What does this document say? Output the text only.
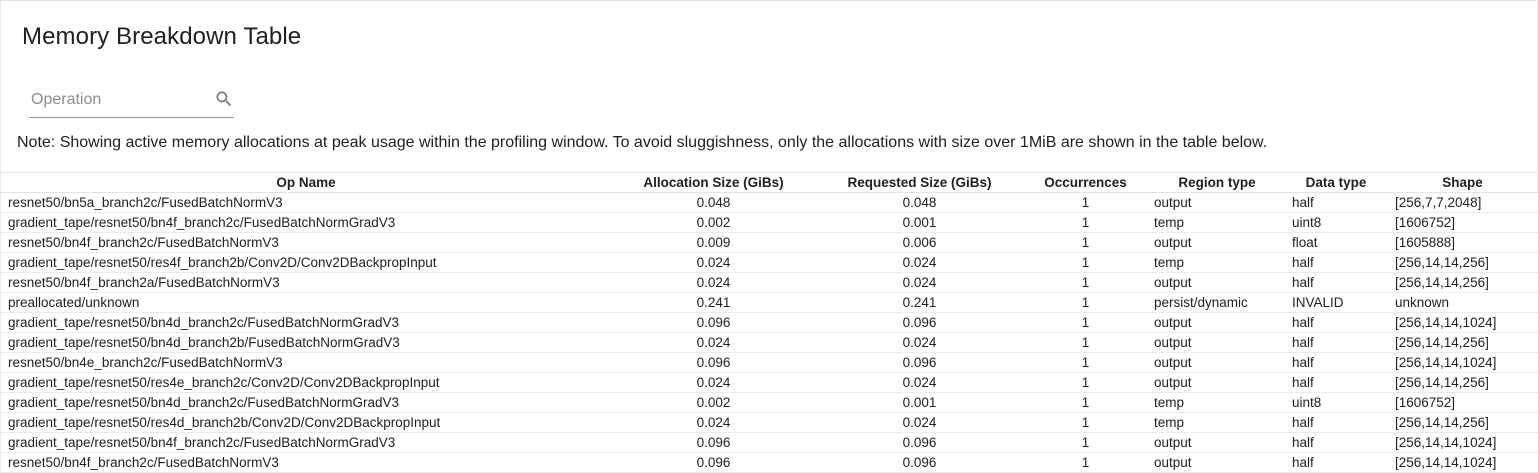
Memory Breakdown Table
Operation

Note: Showing active memory allocations at peak usage within the profiling window. To avoid sluggishness, only the allocations with size over 1MiB are shown in the table below.

Op Name	Allocation Size (GiBs)	Requested Size (GiBs)	Occurrences	Region type	Data type	Shape
resnet50/bn5a_branch2c/FusedBatchNormV3	0.048	0.048	1	output	half	[256,7,7,2048]
gradient_tape/resnet50/bn4f_branch2c/FusedBatchNormGradV3	0.002	0.001	1	temp	uint8	[1606752]
resnet50/bn4f_branch2c/FusedBatchNormV3	0.009	0.006	1	output	float	[1605888]
gradient_tape/resnet50/res4f_branch2b/Conv2D/Conv2DBackpropInput	0.024	0.024	1	temp	half	[256,14,14,256]
resnet50/bn4f_branch2a/FusedBatchNormV3	0.024	0.024	1	output	half	[256,14,14,256]
preallocated/unknown	0.241	0.241	1	persist/dynamic	INVALID	unknown
gradient_tape/resnet50/bn4d_branch2c/FusedBatchNormGradV3	0.096	0.096	1	output	half	[256,14,14,1024]
gradient_tape/resnet50/bn4d_branch2b/FusedBatchNormGradV3	0.024	0.024	1	output	half	[256,14,14,256]
resnet50/bn4e_branch2c/FusedBatchNormV3	0.096	0.096	1	output	half	[256,14,14,1024]
gradient_tape/resnet50/res4e_branch2c/Conv2D/Conv2DBackpropInput	0.024	0.024	1	output	half	[256,14,14,256]
gradient_tape/resnet50/bn4d_branch2c/FusedBatchNormGradV3	0.002	0.001	1	temp	uint8	[1606752]
gradient_tape/resnet50/res4d_branch2b/Conv2D/Conv2DBackpropInput	0.024	0.024	1	temp	half	[256,14,14,256]
gradient_tape/resnet50/bn4f_branch2c/FusedBatchNormGradV3	0.096	0.096	1	output	half	[256,14,14,1024]
resnet50/bn4f_branch2c/FusedBatchNormV3	0.096	0.096	1	output	half	[256,14,14,1024]
